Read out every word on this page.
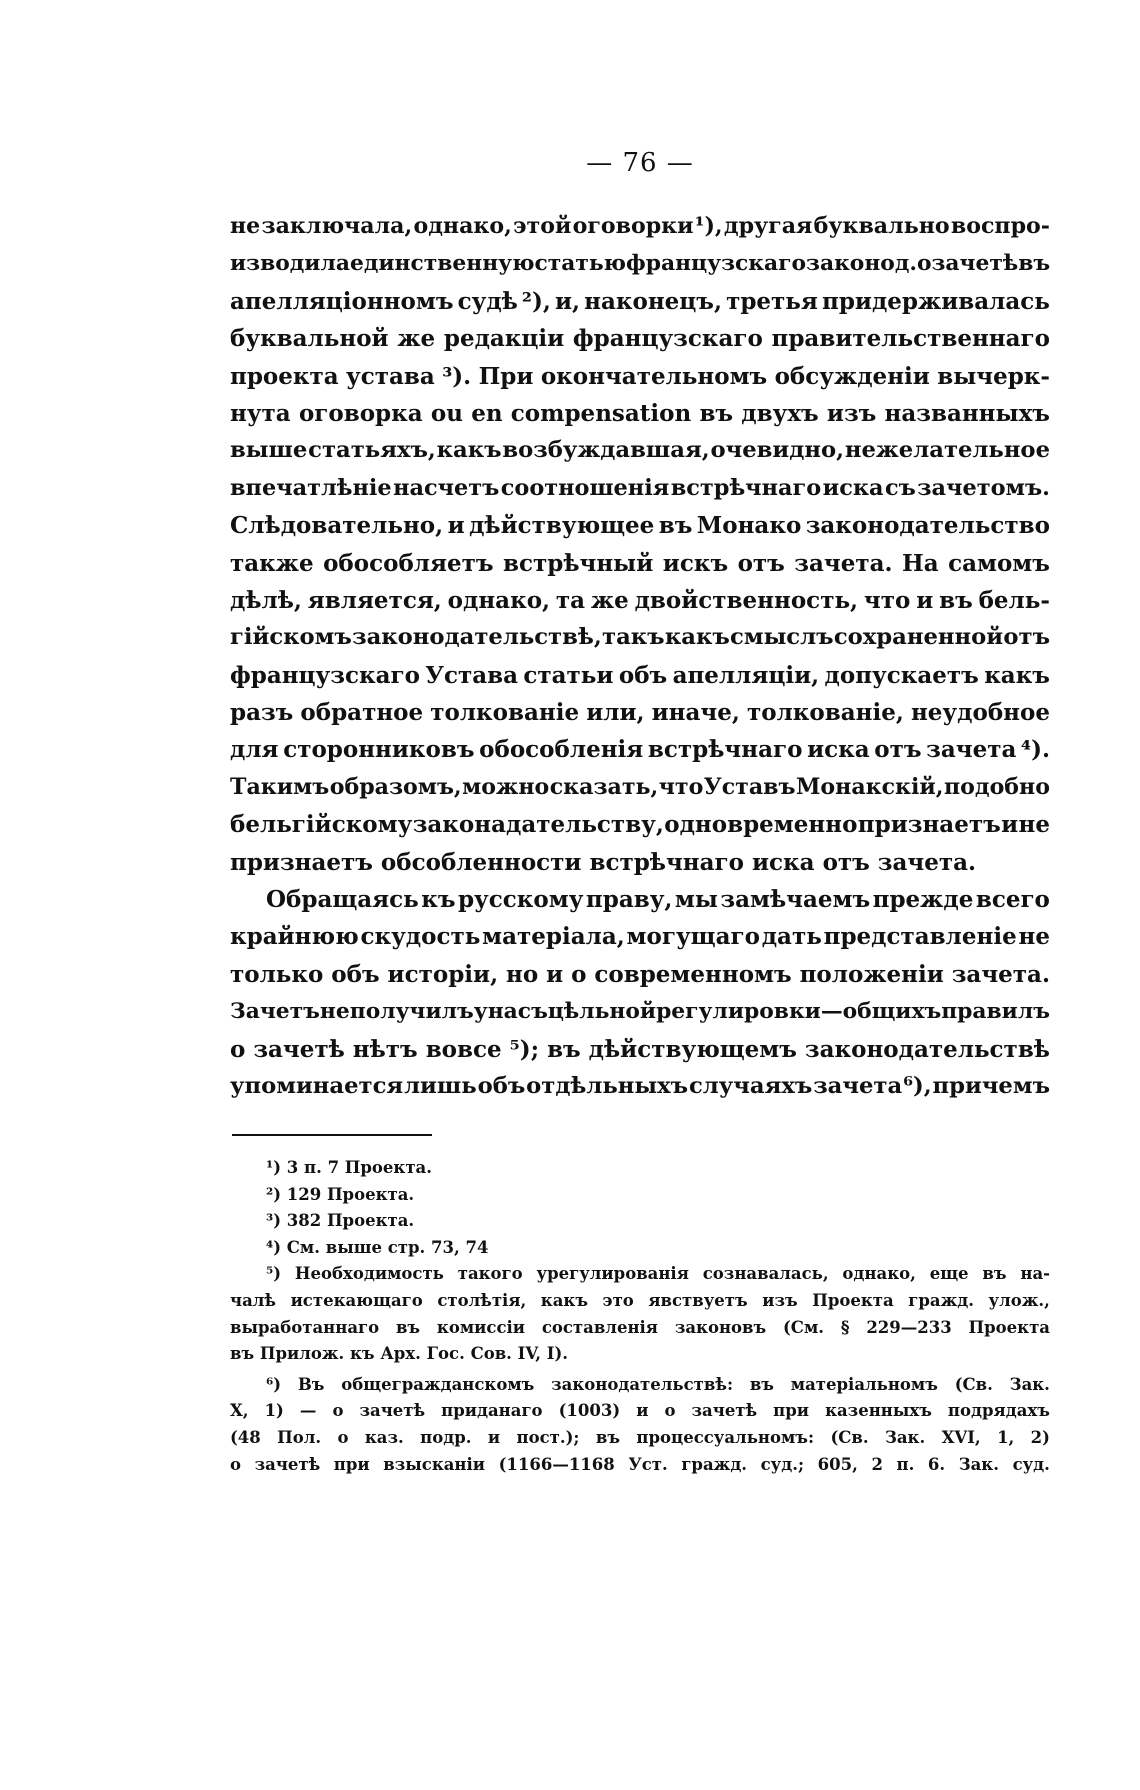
— 76 —
не заключала, однако, этой оговорки ¹), другая буквально воспро-
изводила единственную статью французскаго законод. о зачетѣ въ
апелляціонномъ судѣ ²), и, наконецъ, третья придерживалась
буквальной же редакціи французскаго правительственнаго
проекта устава ³). При окончательномъ обсужденіи вычерк-
нута оговорка ou en compensation въ двухъ изъ названныхъ
выше статьяхъ, какъ возбуждавшая, очевидно, нежелательное
впечатлѣніе насчетъ соотношенія встрѣчнаго иска съ зачетомъ.
Слѣдовательно, и дѣйствующее въ Монако законодательство
также обособляетъ встрѣчный искъ отъ зачета. На самомъ
дѣлѣ, является, однако, та же двойственность, что и въ бель-
гійскомъ законодательствѣ, такъ какъ смыслъ сохраненной отъ
французскаго Устава статьи объ апелляціи, допускаетъ какъ
разъ обратное толкованіе или, иначе, толкованіе, неудобное
для сторонниковъ обособленія встрѣчнаго иска отъ зачета ⁴).
Такимъ образомъ, можно сказать, что Уставъ Монакскій, подобно
бельгійскому законадательству, одновременно признаетъ и не
признаетъ обсобленности встрѣчнаго иска отъ зачета.
Обращаясь къ русскому праву, мы замѣчаемъ прежде всего
крайнюю скудость матеріала, могущаго дать представленіе не
только объ исторіи, но и о современномъ положеніи зачета.
Зачетъ не получилъ у насъ цѣльной регулировки—общихъ правилъ
о зачетѣ нѣтъ вовсе ⁵); въ дѣйствующемъ законодательствѣ
упоминается лишь объ отдѣльныхъ случаяхъ зачета ⁶), причемъ
¹) 3 п. 7 Проекта.
²) 129 Проекта.
³) 382 Проекта.
⁴) См. выше стр. 73, 74
⁵) Необходимость такого урегулированія сознавалась, однако, еще въ на-
чалѣ истекающаго столѣтія, какъ это явствуетъ изъ Проекта гражд. улож.,
выработаннаго въ комиссіи составленія законовъ (См. § 229—233 Проекта
въ Прилож. къ Арх. Гос. Сов. IV, I).
⁶) Въ общегражданскомъ законодательствѣ: въ матеріальномъ (Св. Зак.
X, 1) — о зачетѣ приданаго (1003) и о зачетѣ при казенныхъ подрядахъ
(48 Пол. о каз. подр. и пост.); въ процессуальномъ: (Св. Зак. XVI, 1, 2)
о зачетѣ при взысканіи (1166—1168 Уст. гражд. суд.; 605, 2 п. 6. Зак. суд.
